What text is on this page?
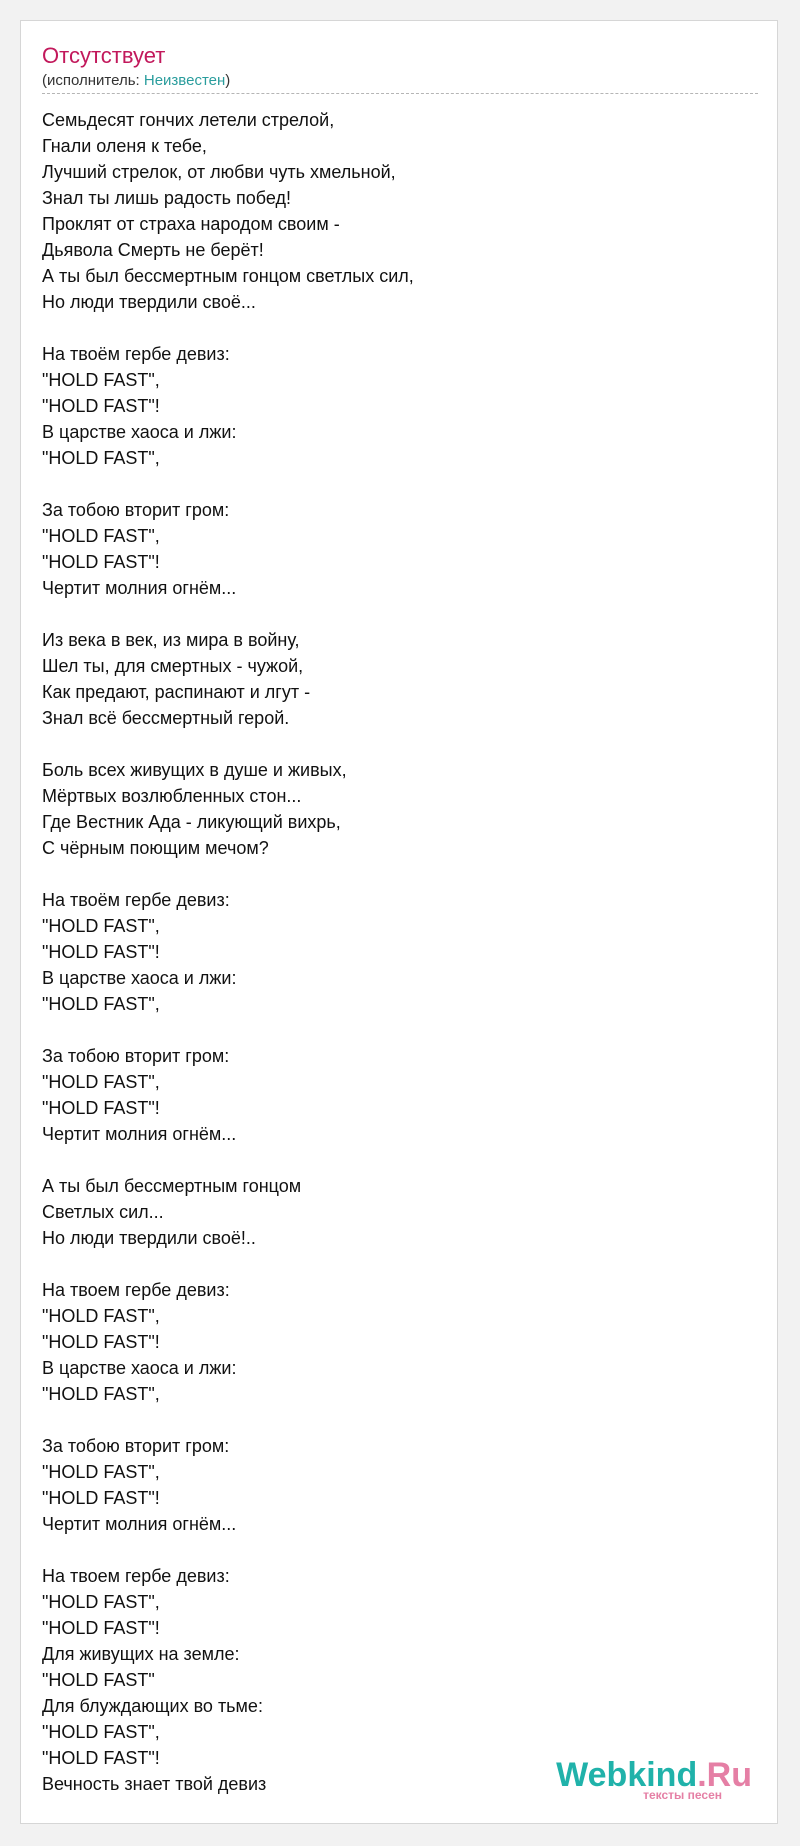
Отсутствует
(исполнитель: Неизвестен)
Семьдесят гончих летели стрелой,
Гнали оленя к тебе,
Лучший стрелок, от любви чуть хмельной,
Знал ты лишь радость побед!
Проклят от страха народом своим -
Дьявола Смерть не берёт!
А ты был бессмертным гонцом светлых сил,
Но люди твердили своё...
На твоём гербе девиз:
"HOLD FAST",
"HOLD FAST"!
В царстве хаоса и лжи:
"HOLD FAST",
За тобою вторит гром:
"HOLD FAST",
"HOLD FAST"!
Чертит молния огнём...
Из века в век, из мира в войну,
Шел ты, для смертных - чужой,
Как предают, распинают и лгут -
Знал всё бессмертный герой.
Боль всех живущих в душе и живых,
Мёртвых возлюбленных стон...
Где Вестник Ада - ликующий вихрь,
С чёрным поющим мечом?
На твоём гербе девиз:
"HOLD FAST",
"HOLD FAST"!
В царстве хаоса и лжи:
"HOLD FAST",
За тобою вторит гром:
"HOLD FAST",
"HOLD FAST"!
Чертит молния огнём...
А ты был бессмертным гонцом
Светлых сил...
Но люди твердили своё!..
На твоем гербе девиз:
"HOLD FAST",
"HOLD FAST"!
В царстве хаоса и лжи:
"HOLD FAST",
За тобою вторит гром:
"HOLD FAST",
"HOLD FAST"!
Чертит молния огнём...
На твоем гербе девиз:
"HOLD FAST",
"HOLD FAST"!
Для живущих на земле:
"HOLD FAST"
Для блуждающих во тьме:
"HOLD FAST",
"HOLD FAST"!
Вечность знает твой девиз	Webkind.Ru
тексты песен
